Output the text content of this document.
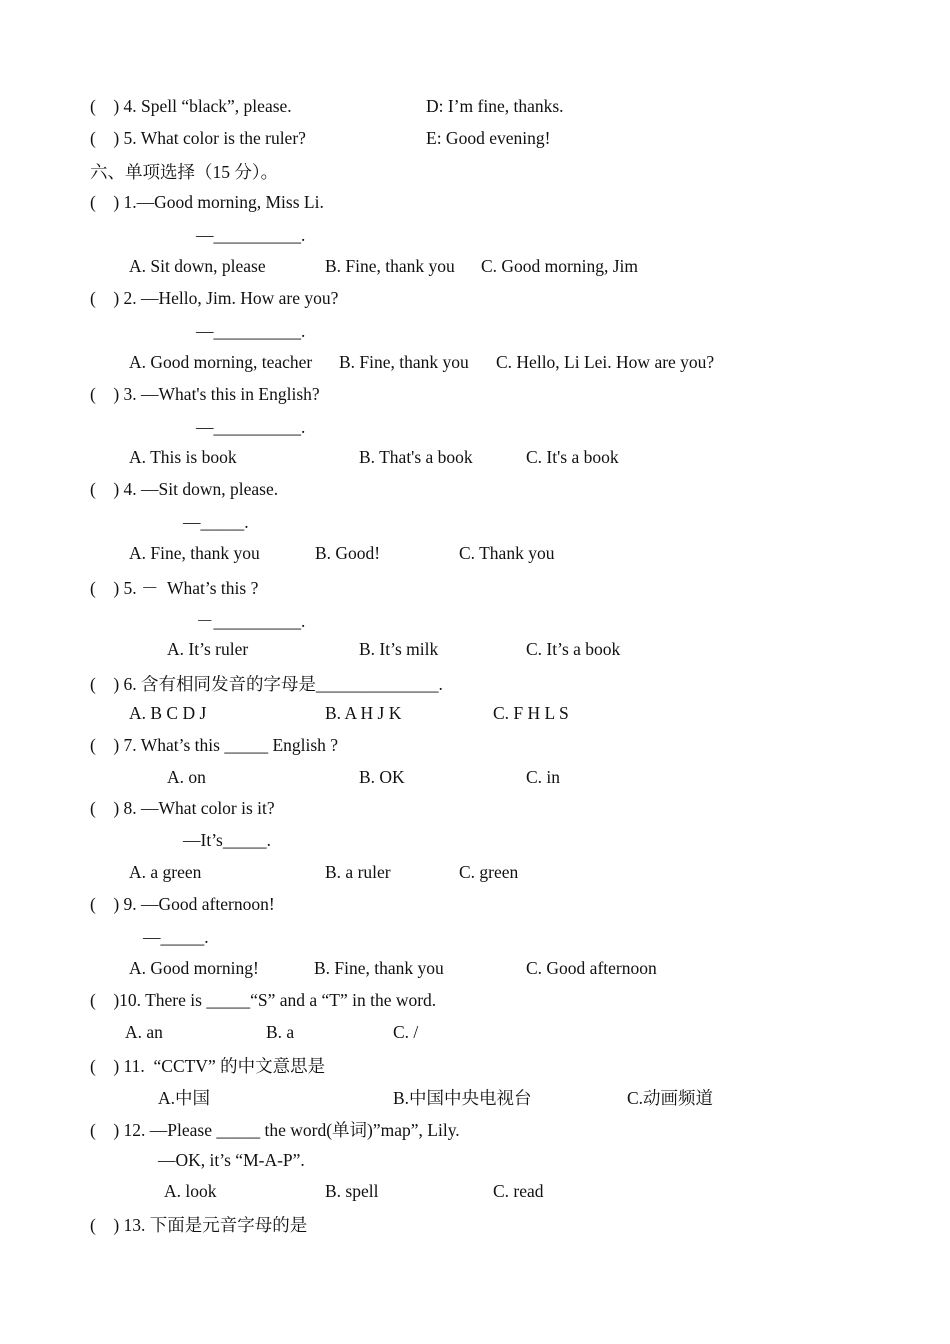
(    ) 4. Spell “black”, please.	D: I’m fine, thanks.
(    ) 5. What color is the ruler?	E: Good evening!
六、单项选择（15 分）。
(    ) 1.—Good morning, Miss Li.
—__________.
A. Sit down, please	B. Fine, thank you C. Good morning, Jim
(    ) 2. —Hello, Jim. How are you?
—__________.
A. Good morning, teacher B. Fine, thank you C. Hello, Li Lei. How are you?
(    ) 3. —What's this in English?
—__________.
A. This is book	B. That's a book	C. It's a book
(    ) 4. —Sit down, please.
—_____.
A. Fine, thank you	B. Good!	C. Thank you
(    ) 5. －  What’s this ?
－__________.
A. It’s ruler	B. It’s milk	C. It’s a book
(    ) 6. 含有相同发音的字母是______________.
A. B C D J	B. A H J K	C. F H L S
(    ) 7. What’s this _____ English ?
A. on	B. OK	C. in
(    ) 8. —What color is it?
—It’s_____.
A. a green	B. a ruler	C. green
(    ) 9. —Good afternoon!
—_____.
A. Good morning!	B. Fine, thank you	C. Good afternoon
(    )10. There is _____“S” and a “T” in the word.
A. an	B. a	C. /
(    ) 11.  “CCTV” 的中文意思是
A.中国	B.中国中央电视台	C.动画频道
(    ) 12. ―Please _____ the word(单词)”map”, Lily.
―OK, it’s “M-A-P”.
A. look	B. spell	C. read
(    ) 13. 下面是元音字母的是
